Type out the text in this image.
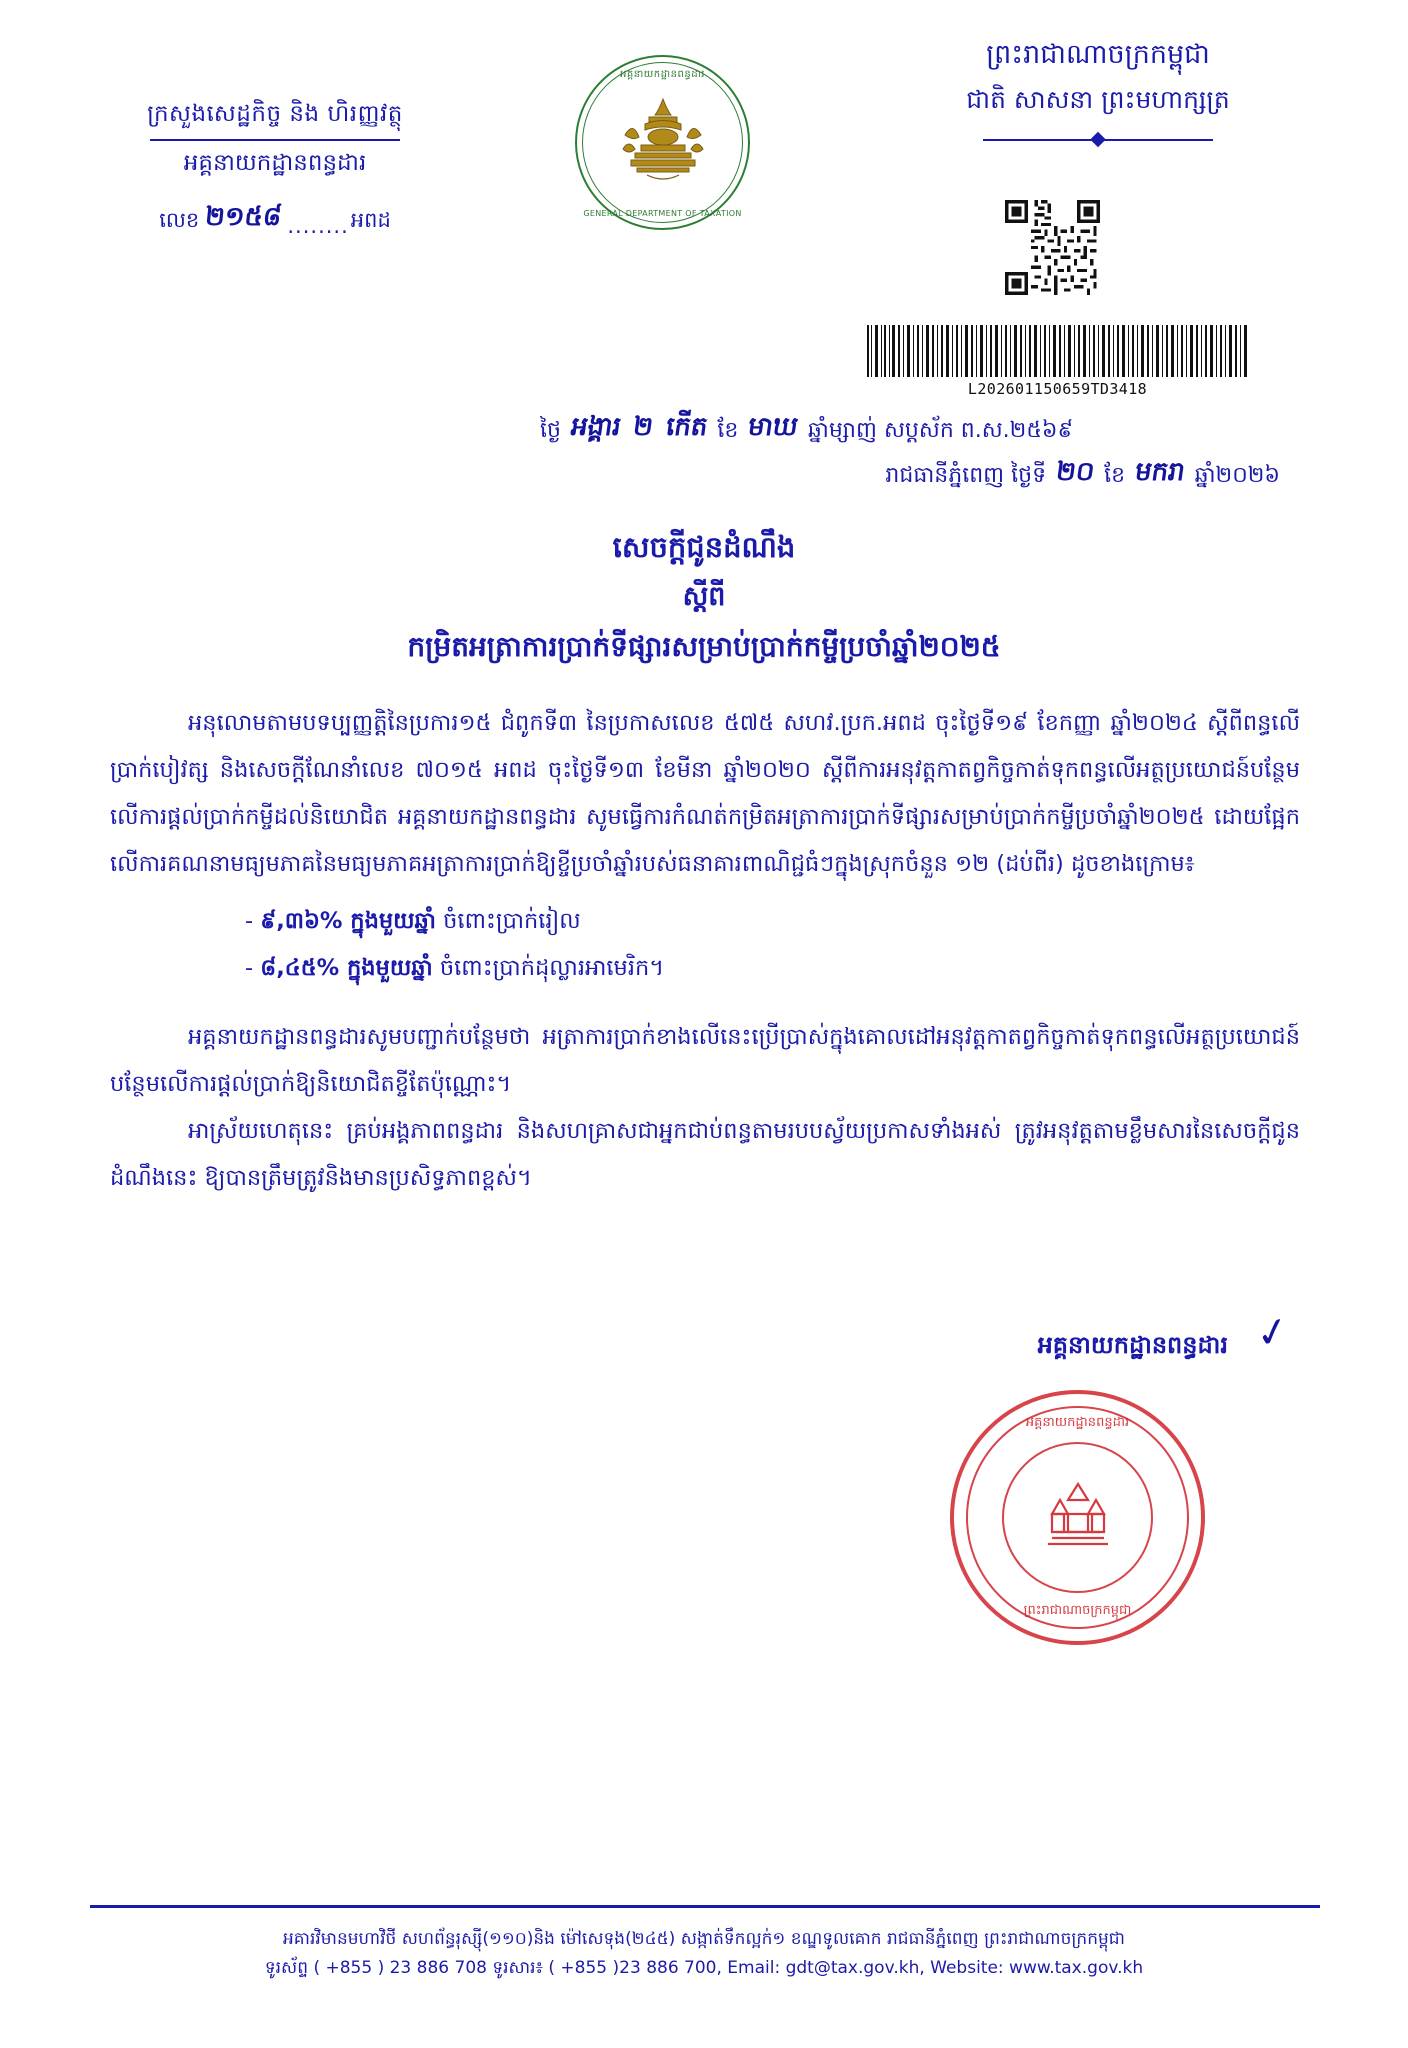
ក្រសួងសេដ្ឋកិច្ច និង ហិរញ្ញវត្ថុ
អគ្គនាយកដ្ឋានពន្ធដារ
លេខ ២១៥៨ ........ អពដ
អគ្គនាយកដ្ឋានពន្ធដារ
GENERAL DEPARTMENT OF TAXATION
ព្រះរាជាណាចក្រកម្ពុជា
ជាតិ សាសនា ព្រះមហាក្សត្រ
L202601150659TD3418
ថ្ងៃ អង្គារ ២ កើត ខែ មាឃ ឆ្នាំម្សាញ់ សប្ដស័ក ព.ស.២៥៦៩
រាជធានីភ្នំពេញ ថ្ងៃទី ២០ ខែ មករា ឆ្នាំ២០២៦
សេចក្ដីជូនដំណឹង
ស្ដីពី
កម្រិតអត្រាការប្រាក់ទីផ្សារសម្រាប់ប្រាក់កម្ចីប្រចាំឆ្នាំ២០២៥

អនុលោមតាមបទប្បញ្ញត្តិនៃប្រការ១៥ ជំពូកទី៣ នៃប្រកាសលេខ ៥៧៥ សហវ.ប្រក.អពដ ចុះថ្ងៃទី១៩ ខែកញ្ញា ឆ្នាំ២០២៤ ស្ដីពីពន្ធលើប្រាក់បៀវត្ស និងសេចក្ដីណែនាំលេខ ៧០១៥ អពដ ចុះថ្ងៃទី១៣ ខែមីនា ឆ្នាំ២០២០ ស្ដីពីការអនុវត្តកាតព្វកិច្ចកាត់ទុកពន្ធលើអត្ថប្រយោជន៍បន្ថែមលើការផ្ដល់ប្រាក់កម្ចីដល់និយោជិត អគ្គនាយកដ្ឋានពន្ធដារ សូមធ្វើការកំណត់កម្រិតអត្រាការប្រាក់ទីផ្សារសម្រាប់ប្រាក់កម្ចីប្រចាំឆ្នាំ២០២៥ ដោយផ្អែកលើការគណនាមធ្យមភាគនៃមធ្យមភាគអត្រាការប្រាក់ឱ្យខ្ចីប្រចាំឆ្នាំរបស់ធនាគារពាណិជ្ជធំៗក្នុងស្រុកចំនួន ១២ (ដប់ពីរ) ដូចខាងក្រោម៖

- ៩,៣៦% ក្នុងមួយឆ្នាំ ចំពោះប្រាក់រៀល
- ៨,៤៥% ក្នុងមួយឆ្នាំ ចំពោះប្រាក់ដុល្លារអាមេរិក។

អគ្គនាយកដ្ឋានពន្ធដារសូមបញ្ជាក់បន្ថែមថា អត្រាការប្រាក់ខាងលើនេះប្រើប្រាស់ក្នុងគោលដៅអនុវត្តកាតព្វកិច្ចកាត់ទុកពន្ធលើអត្ថប្រយោជន៍បន្ថែមលើការផ្ដល់ប្រាក់ឱ្យនិយោជិតខ្ចីតែប៉ុណ្ណោះ។

អាស្រ័យហេតុនេះ គ្រប់អង្គភាពពន្ធដារ និងសហគ្រាសជាអ្នកជាប់ពន្ធតាមរបបស្វ័យប្រកាសទាំងអស់ ត្រូវអនុវត្តតាមខ្លឹមសារនៃសេចក្ដីជូនដំណឹងនេះ ឱ្យបានត្រឹមត្រូវនិងមានប្រសិទ្ធភាពខ្ពស់។

អគ្គនាយកដ្ឋានពន្ធដារ ✓
អគ្គនាយកដ្ឋានពន្ធដារ
ព្រះរាជាណាចក្រកម្ពុជា
អគារវិមានមហាវិថី សហព័ន្ធរុស្ស៊ី(១១០)និង ម៉ៅសេទុង(២៤៥) សង្កាត់ទឹកល្អក់១ ខណ្ឌទូលគោក រាជធានីភ្នំពេញ ព្រះរាជាណាចក្រកម្ពុជា
ទូរស័ព្ទ ( +855 ) 23 886 708 ទូរសារ៖ ( +855 )23 886 700, Email: gdt@tax.gov.kh, Website: www.tax.gov.kh
